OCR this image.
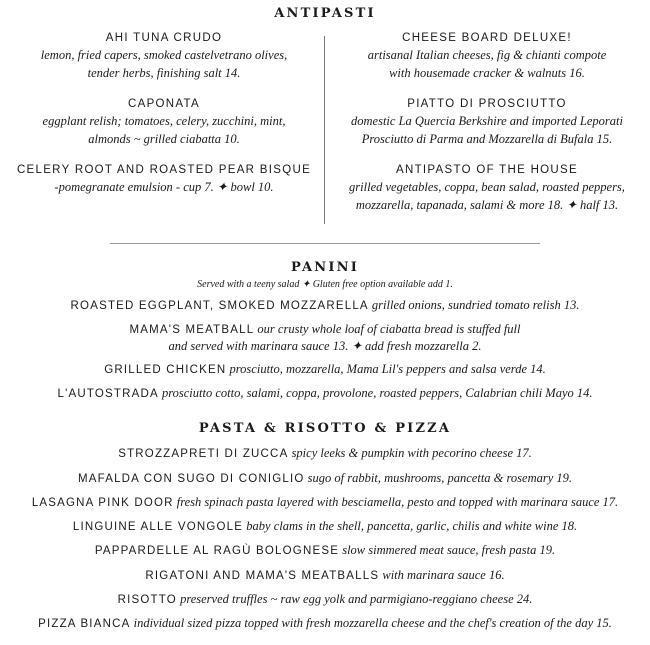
ANTIPASTI
AHI TUNA CRUDO
lemon, fried capers, smoked castelvetrano olives,
tender herbs, finishing salt 14.
CAPONATA
eggplant relish; tomatoes, celery, zucchini, mint,
almonds ~ grilled ciabatta 10.
CELERY ROOT AND ROASTED PEAR BISQUE
-pomegranate emulsion - cup 7. ✦ bowl 10.
CHEESE BOARD DELUXE!
artisanal Italian cheeses, fig & chianti compote
with housemade cracker & walnuts 16.
PIATTO DI PROSCIUTTO
domestic La Quercia Berkshire and imported Leporati
Prosciutto di Parma and Mozzarella di Bufala 15.
ANTIPASTO OF THE HOUSE
grilled vegetables, coppa, bean salad, roasted peppers,
mozzarella, tapanada, salami & more 18. ✦ half 13.
PANINI
Served with a teeny salad ✦ Gluten free option available add 1.
ROASTED EGGPLANT, SMOKED MOZZARELLA grilled onions, sundried tomato relish 13.
MAMA'S MEATBALL our crusty whole loaf of ciabatta bread is stuffed full
and served with marinara sauce 13. ✦ add fresh mozzarella 2.
GRILLED CHICKEN prosciutto, mozzarella, Mama Lil's peppers and salsa verde 14.
L'AUTOSTRADA prosciutto cotto, salami, coppa, provolone, roasted peppers, Calabrian chili Mayo 14.
PASTA & RISOTTO & PIZZA
STROZZAPRETI DI ZUCCA spicy leeks & pumpkin with pecorino cheese 17.
MAFALDA CON SUGO DI CONIGLIO sugo of rabbit, mushrooms, pancetta & rosemary 19.
LASAGNA PINK DOOR fresh spinach pasta layered with besciamella, pesto and topped with marinara sauce 17.
LINGUINE ALLE VONGOLE baby clams in the shell, pancetta, garlic, chilis and white wine 18.
PAPPARDELLE AL RAGÙ BOLOGNESE slow simmered meat sauce, fresh pasta 19.
RIGATONI AND MAMA'S MEATBALLS with marinara sauce 16.
RISOTTO preserved truffles ~ raw egg yolk and parmigiano-reggiano cheese 24.
PIZZA BIANCA individual sized pizza topped with fresh mozzarella cheese and the chef's creation of the day 15.
